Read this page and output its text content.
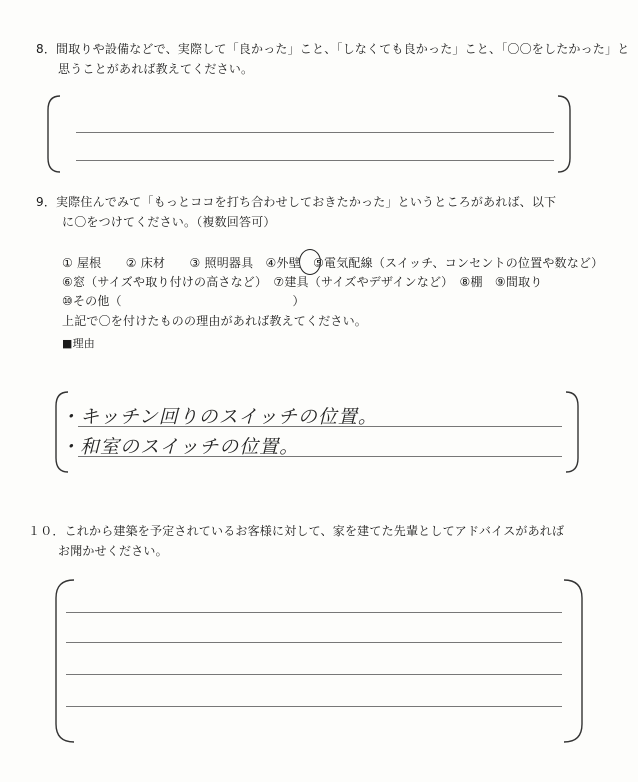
8．間取りや設備などで、実際して「良かった」こと、「しなくても良かった」こと、「〇〇をしたかった」と
思うことがあれば教えてください。
9．実際住んでみて「もっとココを打ち合わせしておきたかった」というところがあれば、以下
に〇をつけてください。（複数回答可）
① 屋根　　② 床材　　③ 照明器具　④外壁　⑤電気配線（スイッチ、コンセントの位置や数など）
⑥窓（サイズや取り付けの高さなど）　⑦建具（サイズやデザインなど）　⑧棚　⑨間取り
⑩その他（　　　　　　　　　　　　　　）
上記で〇を付けたものの理由があれば教えてください。
■理由
・キッチン回りのスイッチの位置。
・和室のスイッチの位置。
１０．これから建築を予定されているお客様に対して、家を建てた先輩としてアドバイスがあれば
お聞かせください。
